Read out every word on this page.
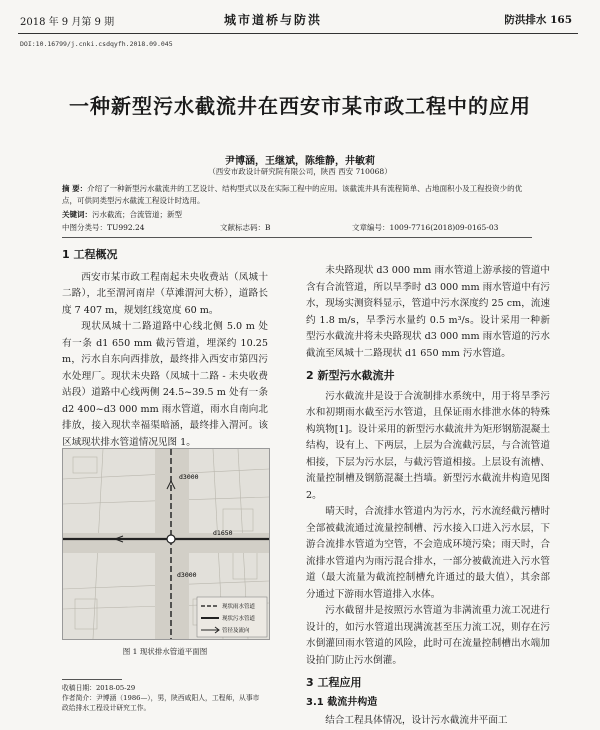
2018 年 9 月第 9 期	城市道桥与防洪	防洪排水 165
DOI:10.16799/j.cnki.csdqyfh.2018.09.045
一种新型污水截流井在西安市某市政工程中的应用
尹博涵，王继斌，陈维静，井敏莉
（西安市政设计研究院有限公司，陕西 西安 710068）
摘 要：介绍了一种新型污水截流井的工艺设计、结构型式以及在实际工程中的应用。该截流井具有流程简单、占地面积小及工程投资少的优点，可供同类型污水截流工程设计时选用。
关键词：污水截流；合流管道；新型
中图分类号：TU992.24	文献标志码：B	文章编号：1009-7716(2018)09-0165-03
1 工程概况

西安市某市政工程南起未央收费站（凤城十二路），北至渭河南岸（草滩渭河大桥），道路长度 7 407 m，规划红线宽度 60 m。

现状凤城十二路道路中心线北侧 5.0 m 处有一条 d1 650 mm 截污管道，埋深约 10.25 m，污水自东向西排放，最终排入西安市第四污水处理厂。现状未央路（凤城十二路 - 未央收费站段）道路中心线两侧 24.5~39.5 m 处有一条 d2 400~d3 000 mm 雨水管道，雨水自南向北排放，接入现状幸福渠暗涵，最终排入渭河。该区域现状排水管道情况见图 1。

d3000
d1650
d3000
现状雨水管道
现状污水管道
管径及流向
图 1 现状排水管道平面图
收稿日期：2018-05-29
作者简介：尹博涵（1986—），男，陕西咸阳人，工程师，从事市政给排水工程设计研究工作。

未央路现状 d3 000 mm 雨水管道上游承接的管道中含有合流管道，所以旱季时 d3 000 mm 雨水管道中有污水，现场实测资料显示，管道中污水深度约 25 cm，流速约 1.8 m/s，旱季污水量约 0.5 m³/s。设计采用一种新型污水截流井将未央路现状 d3 000 mm 雨水管道的污水截流至凤城十二路现状 d1 650 mm 污水管道。

2 新型污水截流井

污水截流井是设于合流制排水系统中，用于将旱季污水和初期雨水截至污水管道，且保证雨水排泄水体的特殊构筑物[1]。设计采用的新型污水截流井为矩形钢筋混凝土结构，设有上、下两层，上层为合流截污层，与合流管道相接，下层为污水层，与截污管道相接。上层设有流槽、流量控制槽及钢筋混凝土挡墙。新型污水截流井构造见图 2。

晴天时，合流排水管道内为污水，污水流经截污槽时全部被截流通过流量控制槽、污水接入口进入污水层，下游合流排水管道为空管，不会造成环境污染；雨天时，合流排水管道内为雨污混合排水，一部分被截流进入污水管道（最大流量为截流控制槽允许通过的最大值），其余部分通过下游雨水管道排入水体。

污水截留井是按照污水管道为非满流重力流工况进行设计的，如污水管道出现满流甚至压力流工况，则存在污水倒灌回雨水管道的风险，此时可在流量控制槽出水端加设拍门防止污水倒灌。

3 工程应用
3.1 截流井构造

结合工程具体情况，设计污水截流井平面工
